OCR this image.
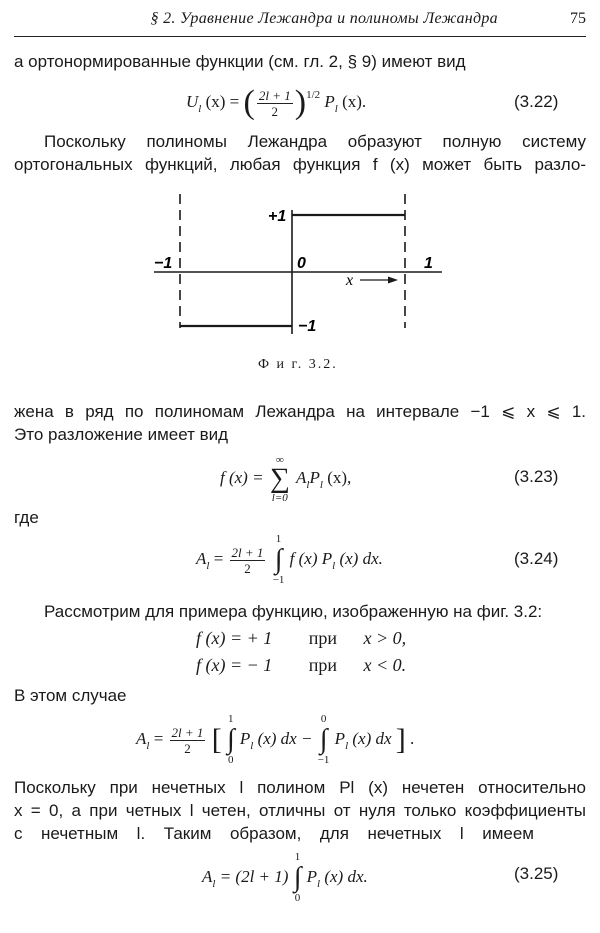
§ 2. Уравнение Лежандра и полиномы Лежандра	75
а ортонормированные функции (см. гл. 2, § 9) имеют вид
$U_l$ (x) = ( $\frac{2l + 1}{2} )^{1/2}$ $P_l$ (x).	(3.22)
Поскольку полиномы Лежандра образуют полную систему
ортогональных функций, любая функция f (x) может быть разло-
+1
−1	0	1
x
−1
Ф и г. 3.2.
жена в ряд по полиномам Лежандра на интервале −1 ⩽ x ⩽ 1.
Это разложение имеет вид
f (x) =
∞
∑
l=0
$A_lP_l$ (x),	(3.23)
где
$A_l = \frac{2l + 1}{2}$

1
∫
−1
f (x) $P_l$ (x) dx.	(3.24)
Рассмотрим для примера функцию, изображенную на фиг. 3.2:
f (x) = + 1 при x > 0,
f (x) = − 1 при x < 0.
В этом случае
$A_l = \frac{2l + 1}{2}$ [
1
∫
0
$P_l$ (x) dx −
0
∫
−1
$P_l$ (x) dx ] .
Поскольку при нечетных l полином Pl (x) нечетен относительно
x = 0, а при четных l четен, отличны от нуля только коэффициенты
с нечетным l. Таким образом, для нечетных l имеем
$A_l = (2l + 1)$
1
∫
0
$P_l$ (x) dx.	(3.25)
